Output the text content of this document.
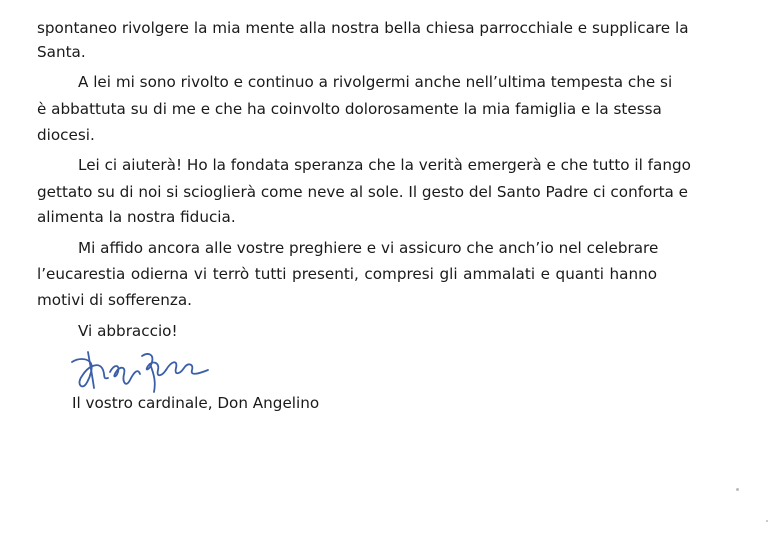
spontaneo rivolgere la mia mente alla nostra bella chiesa parrocchiale e supplicare la
Santa.
A lei mi sono rivolto e continuo a rivolgermi anche nell’ultima tempesta che si
è abbattuta su di me e che ha coinvolto dolorosamente la mia famiglia e la stessa
diocesi.
Lei ci aiuterà! Ho la fondata speranza che la verità emergerà e che tutto il fango
gettato su di noi si scioglierà come neve al sole. Il gesto del Santo Padre ci conforta e
alimenta la nostra fiducia.
Mi affido ancora alle vostre preghiere e vi assicuro che anch’io nel celebrare
l’eucarestia odierna vi terrò tutti presenti, compresi gli ammalati e quanti hanno
motivi di sofferenza.
Vi abbraccio!
Il vostro cardinale, Don Angelino
